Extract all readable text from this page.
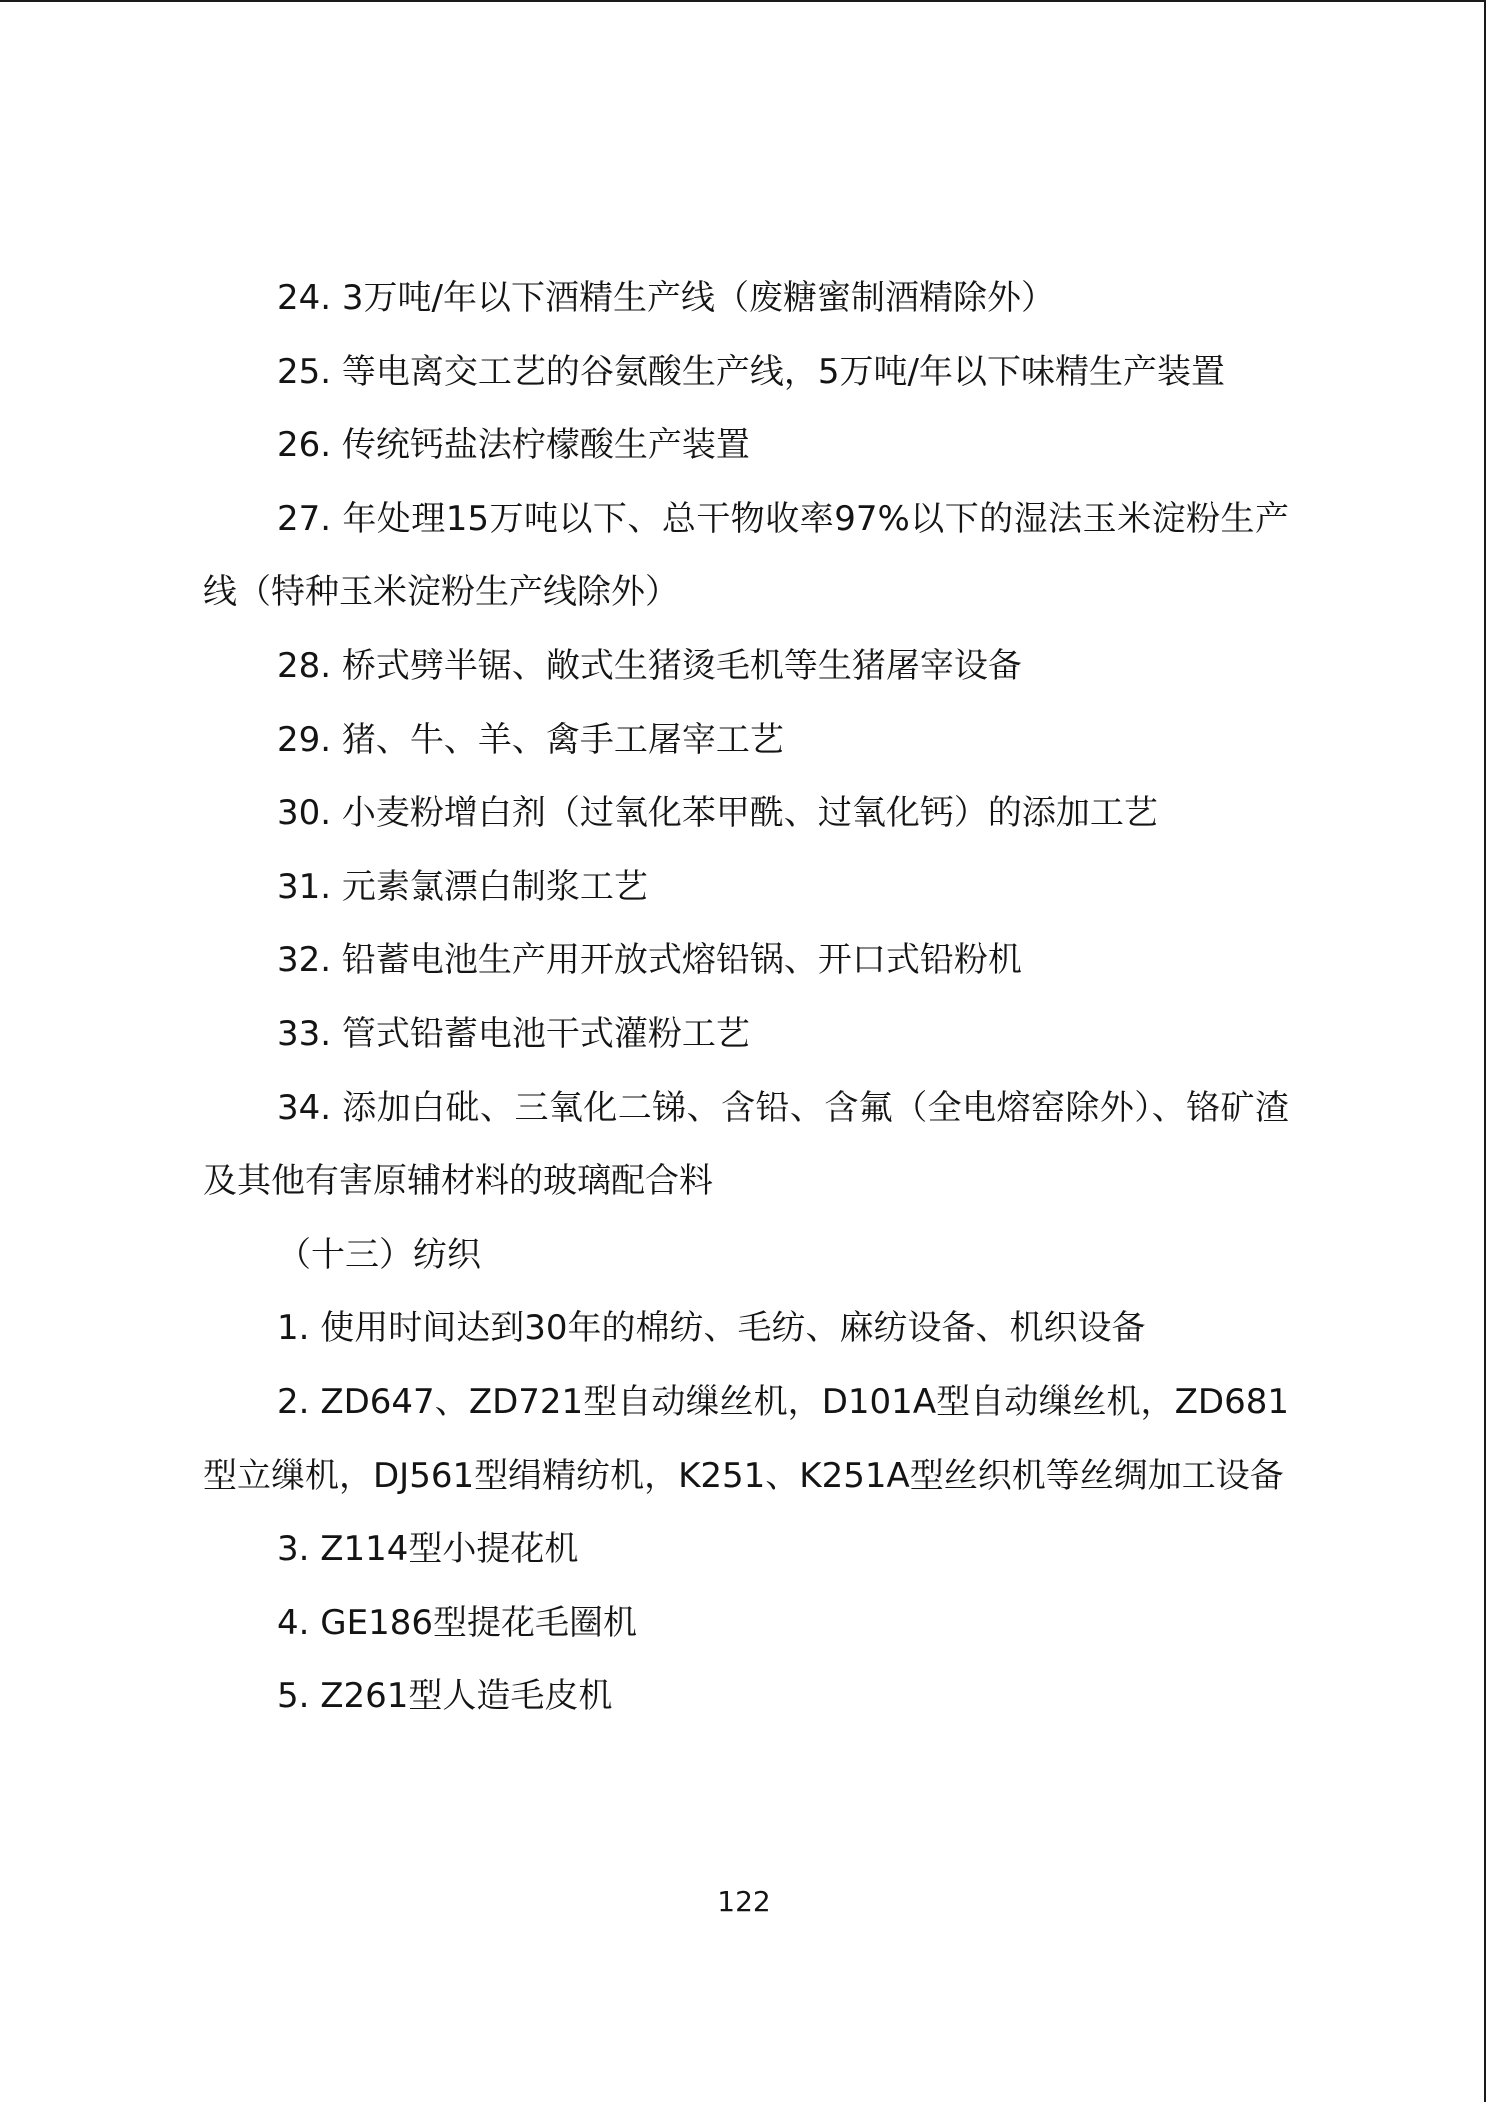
24. 3万吨/年以下酒精生产线（废糖蜜制酒精除外）

25. 等电离交工艺的谷氨酸生产线，5万吨/年以下味精生产装置

26. 传统钙盐法柠檬酸生产装置

27. 年处理15万吨以下、总干物收率97%以下的湿法玉米淀粉生产线（特种玉米淀粉生产线除外）

28. 桥式劈半锯、敞式生猪烫毛机等生猪屠宰设备

29. 猪、牛、羊、禽手工屠宰工艺

30. 小麦粉增白剂（过氧化苯甲酰、过氧化钙）的添加工艺

31. 元素氯漂白制浆工艺

32. 铅蓄电池生产用开放式熔铅锅、开口式铅粉机

33. 管式铅蓄电池干式灌粉工艺

34. 添加白砒、三氧化二锑、含铅、含氟（全电熔窑除外）、铬矿渣及其他有害原辅材料的玻璃配合料

（十三）纺织

1. 使用时间达到30年的棉纺、毛纺、麻纺设备、机织设备

2. ZD647、ZD721型自动缫丝机，D101A型自动缫丝机，ZD681型立缫机，DJ561型绢精纺机，K251、K251A型丝织机等丝绸加工设备

3. Z114型小提花机

4. GE186型提花毛圈机

5. Z261型人造毛皮机

122
